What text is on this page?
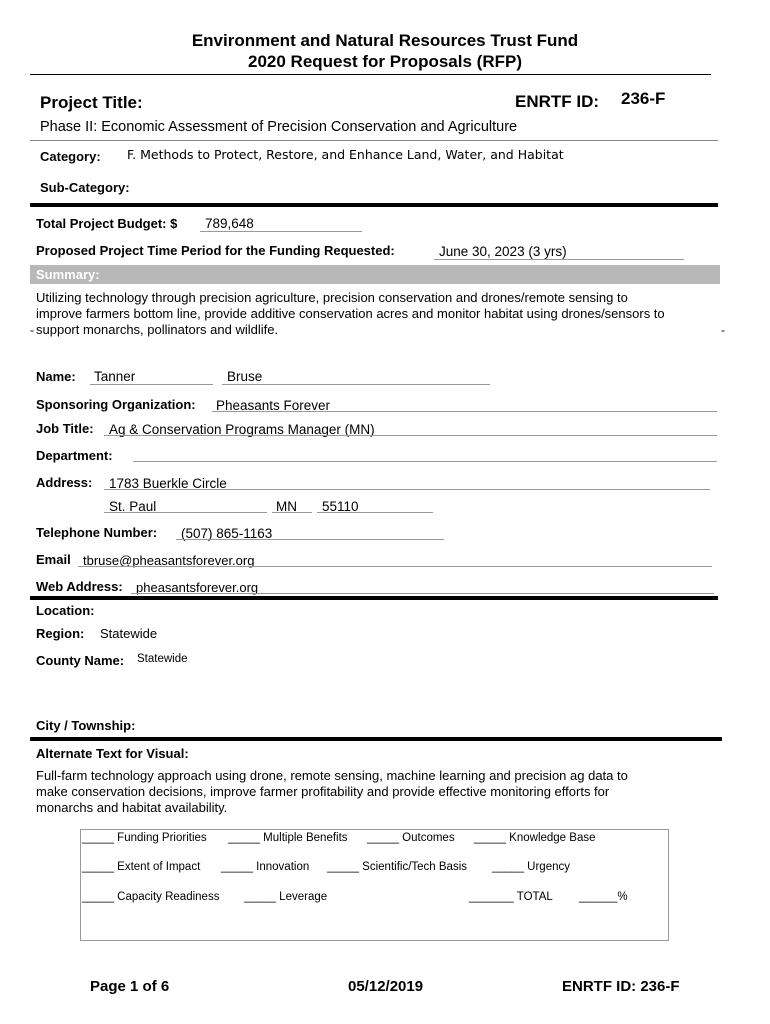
Environment and Natural Resources Trust Fund
2020 Request for Proposals (RFP)
Project Title:	ENRTF ID: 236-F
Phase II: Economic Assessment of Precision Conservation and Agriculture
Category: F. Methods to Protect, Restore, and Enhance Land, Water, and Habitat
Sub-Category:
Total Project Budget: $ 789,648
Proposed Project Time Period for the Funding Requested:	June 30, 2023 (3 yrs)
Summary:
Utilizing technology through precision agriculture, precision conservation and drones/remote sensing to
improve farmers bottom line, provide additive conservation acres and monitor habitat using drones/sensors to
support monarchs, pollinators and wildlife.
-	-
Name: Tanner	Bruse
Sponsoring Organization: Pheasants Forever
Job Title: Ag & Conservation Programs Manager (MN)
Department:
Address: 1783 Buerkle Circle
St. Paul	MN 55110
Telephone Number: (507) 865-1163
Email tbruse@pheasantsforever.org
Web Address: pheasantsforever.org
Location:
Region: Statewide
County Name: Statewide
City / Township:
Alternate Text for Visual:
Full-farm technology approach using drone, remote sensing, machine learning and precision ag data to
make conservation decisions, improve farmer profitability and provide effective monitoring efforts for
monarchs and habitat availability.
_____ Funding Priorities _____ Multiple Benefits _____ Outcomes _____ Knowledge Base
_____ Extent of Impact _____ Innovation _____ Scientific/Tech Basis _____ Urgency
_____ Capacity Readiness _____ Leverage	_______ TOTAL ______%
Page 1 of 6	05/12/2019	ENRTF ID: 236-F
